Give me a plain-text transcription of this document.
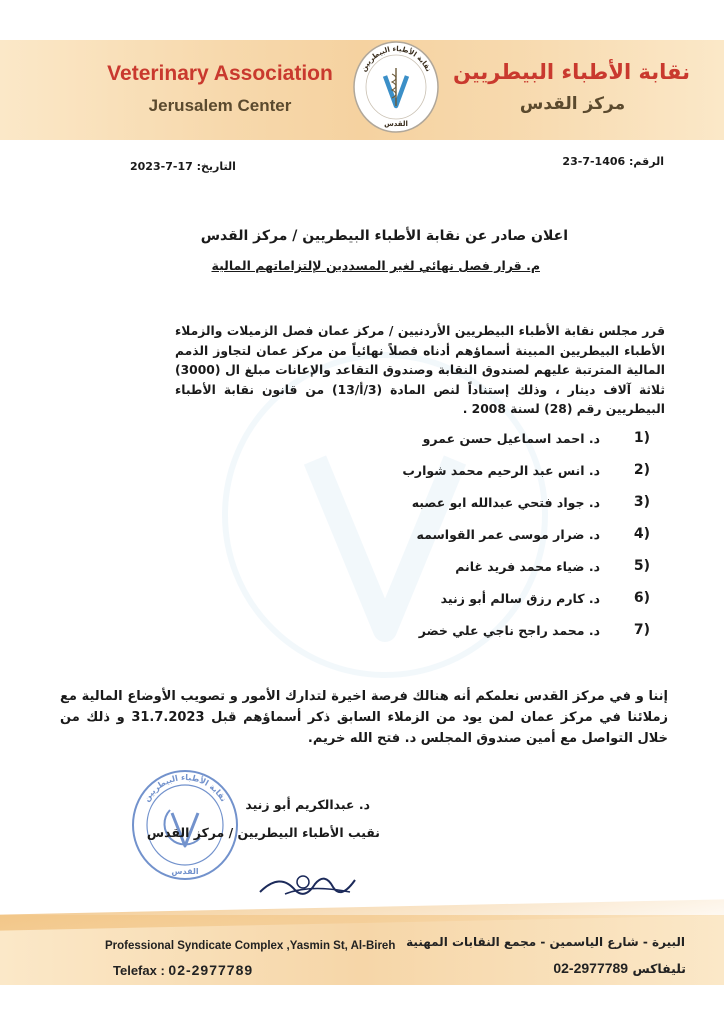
Veterinary Association
Jerusalem Center
نقابة الأطباء البيطريين
مركز القدس
نقابة الأطباء البيطريين
القدس
الرقم: 1406-7-23
التاريخ: 17-7-2023
اعلان صادر عن نقابة الأطباء البيطريين / مركز القدس
م. قرار فصل نهائي لغير المسددين لإلتزاماتهم المالية
قرر مجلس نقابة الأطباء البيطريين الأردنيين / مركز عمان فصل الزميلات والزملاء الأطباء البيطريين المبينة أسماؤهم أدناه فصلاً نهائياً من مركز عمان لتجاوز الذمم المالية المترتبة عليهم لصندوق النقابة وصندوق التقاعد والإعانات مبلغ ال (3000) ثلاثة آلاف دينار ، وذلك إستناداً لنص المادة (3/أ/13) من قانون نقابة الأطباء البيطريين رقم (28) لسنة 2008 .
1)
د. احمد اسماعيل حسن عمرو
2)
د. انس عبد الرحيم محمد شوارب
3)
د. جواد فتحي عبدالله ابو عصبه
4)
د. ضرار موسى عمر القواسمه
5)
د. ضياء محمد فريد غانم
6)
د. كارم رزق سالم أبو زنيد
7)
د. محمد راجح ناجي علي خضر
إننا و في مركز القدس نعلمكم أنه هنالك فرصة اخيرة لتدارك الأمور و تصويب الأوضاع المالية مع زملائنا في مركز عمان لمن يود من الزملاء السابق ذكر أسماؤهم قبل 31.7.2023 و ذلك من خلال التواصل مع أمين صندوق المجلس د. فتح الله خريم.
نقابة الأطباء البيطريين
القدس
د. عبدالكريم أبو زنيد
نقيب الأطباء البيطريين / مركز القدس
Professional Syndicate Complex ,Yasmin St, Al-Bireh
Telefax : 02-2977789
البيرة - شارع الياسمين - مجمع النقابات المهنية
تليفاكس 02-2977789
